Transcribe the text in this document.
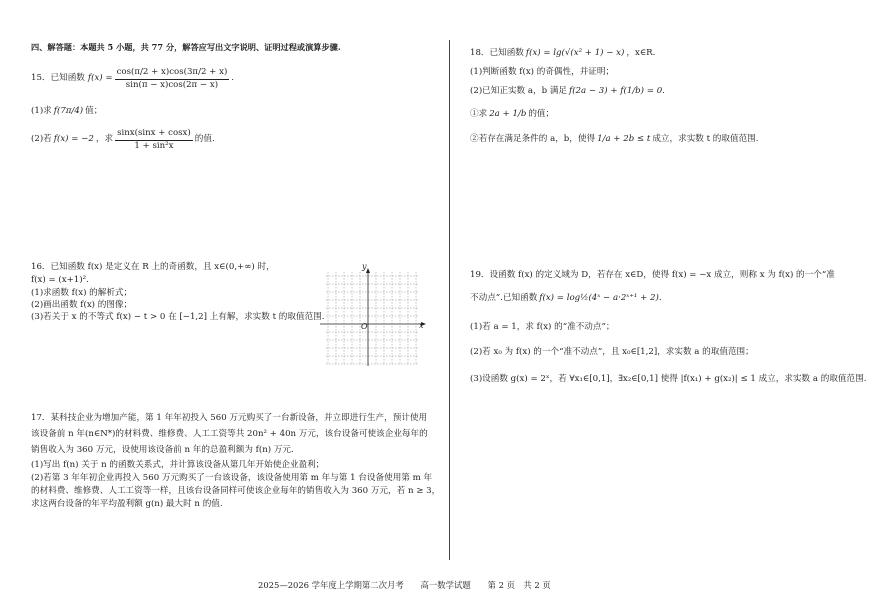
四、解答题：本题共 5 小题，共 77 分，解答应写出文字说明、证明过程或演算步骤.
15．已知函数 $f(x) = \frac{\cos(\pi/2 + x)\cos(3\pi/2 + x)}{\sin(\pi - x)\cos(2\pi - x)}$ .
(1)求 f(7π/4) 值；
(2)若 f(x) = −2 ，求 $\frac{\sin x(\sin x + \cos x)}{\text{1 + sin²x}}$ 的值.
16．已知函数 f(x) 是定义在 R 上的奇函数，且 x∈(0,+∞) 时，
f(x) = (x+1)².
(1)求函数 f(x) 的解析式；
(2)画出函数 f(x) 的图像；
(3)若关于 x 的不等式 f(x) − t > 0 在 [−1,2] 上有解，求实数 t 的取值范围.
y
x
O
17．某科技企业为增加产能，第 1 年年初投入 560 万元购买了一台新设备，并立即进行生产，预计使用
该设备前 n 年(n∈N*)的材料费、维修费、人工工资等共 20n² + 40n 万元，该台设备可使该企业每年的
销售收入为 360 万元，设使用该设备前 n 年的总盈利额为 f(n) 万元.
(1)写出 f(n) 关于 n 的函数关系式，并计算该设备从第几年开始使企业盈利；
(2)若第 3 年年初企业再投入 560 万元购买了一台该设备，该设备使用第 m 年与第 1 台设备使用第 m 年
的材料费、维修费、人工工资等一样，且该台设备同样可使该企业每年的销售收入为 360 万元，若 n ≥ 3，
求这两台设备的年平均盈利额 g(n) 最大时 n 的值.
18．已知函数 f(x) = lg(√(x² + 1) − x) ，x∈R.
(1)判断函数 f(x) 的奇偶性，并证明；
(2)已知正实数 a，b 满足 f(2a − 3) + f(1/b) = 0.
①求 2a + 1/b 的值；
②若存在满足条件的 a，b，使得 1/a + 2b ≤ t 成立，求实数 t 的取值范围.
19．设函数 f(x) 的定义域为 D，若存在 x∈D，使得 f(x) = −x 成立，则称 x 为 f(x) 的一个“准
不动点”.已知函数 f(x) = log½(4ˣ − a·2ˣ⁺¹ + 2).
(1)若 a = 1，求 f(x) 的“准不动点”；
(2)若 x₀ 为 f(x) 的一个“准不动点”，且 x₀∈[1,2]，求实数 a 的取值范围；
(3)设函数 g(x) = 2ˣ，若 ∀x₁∈[0,1]，∃x₂∈[0,1] 使得 |f(x₁) + g(x₂)| ≤ 1 成立，求实数 a 的取值范围.
2025—2026 学年度上学期第二次月考　　高一数学试题　　第 2 页　共 2 页
